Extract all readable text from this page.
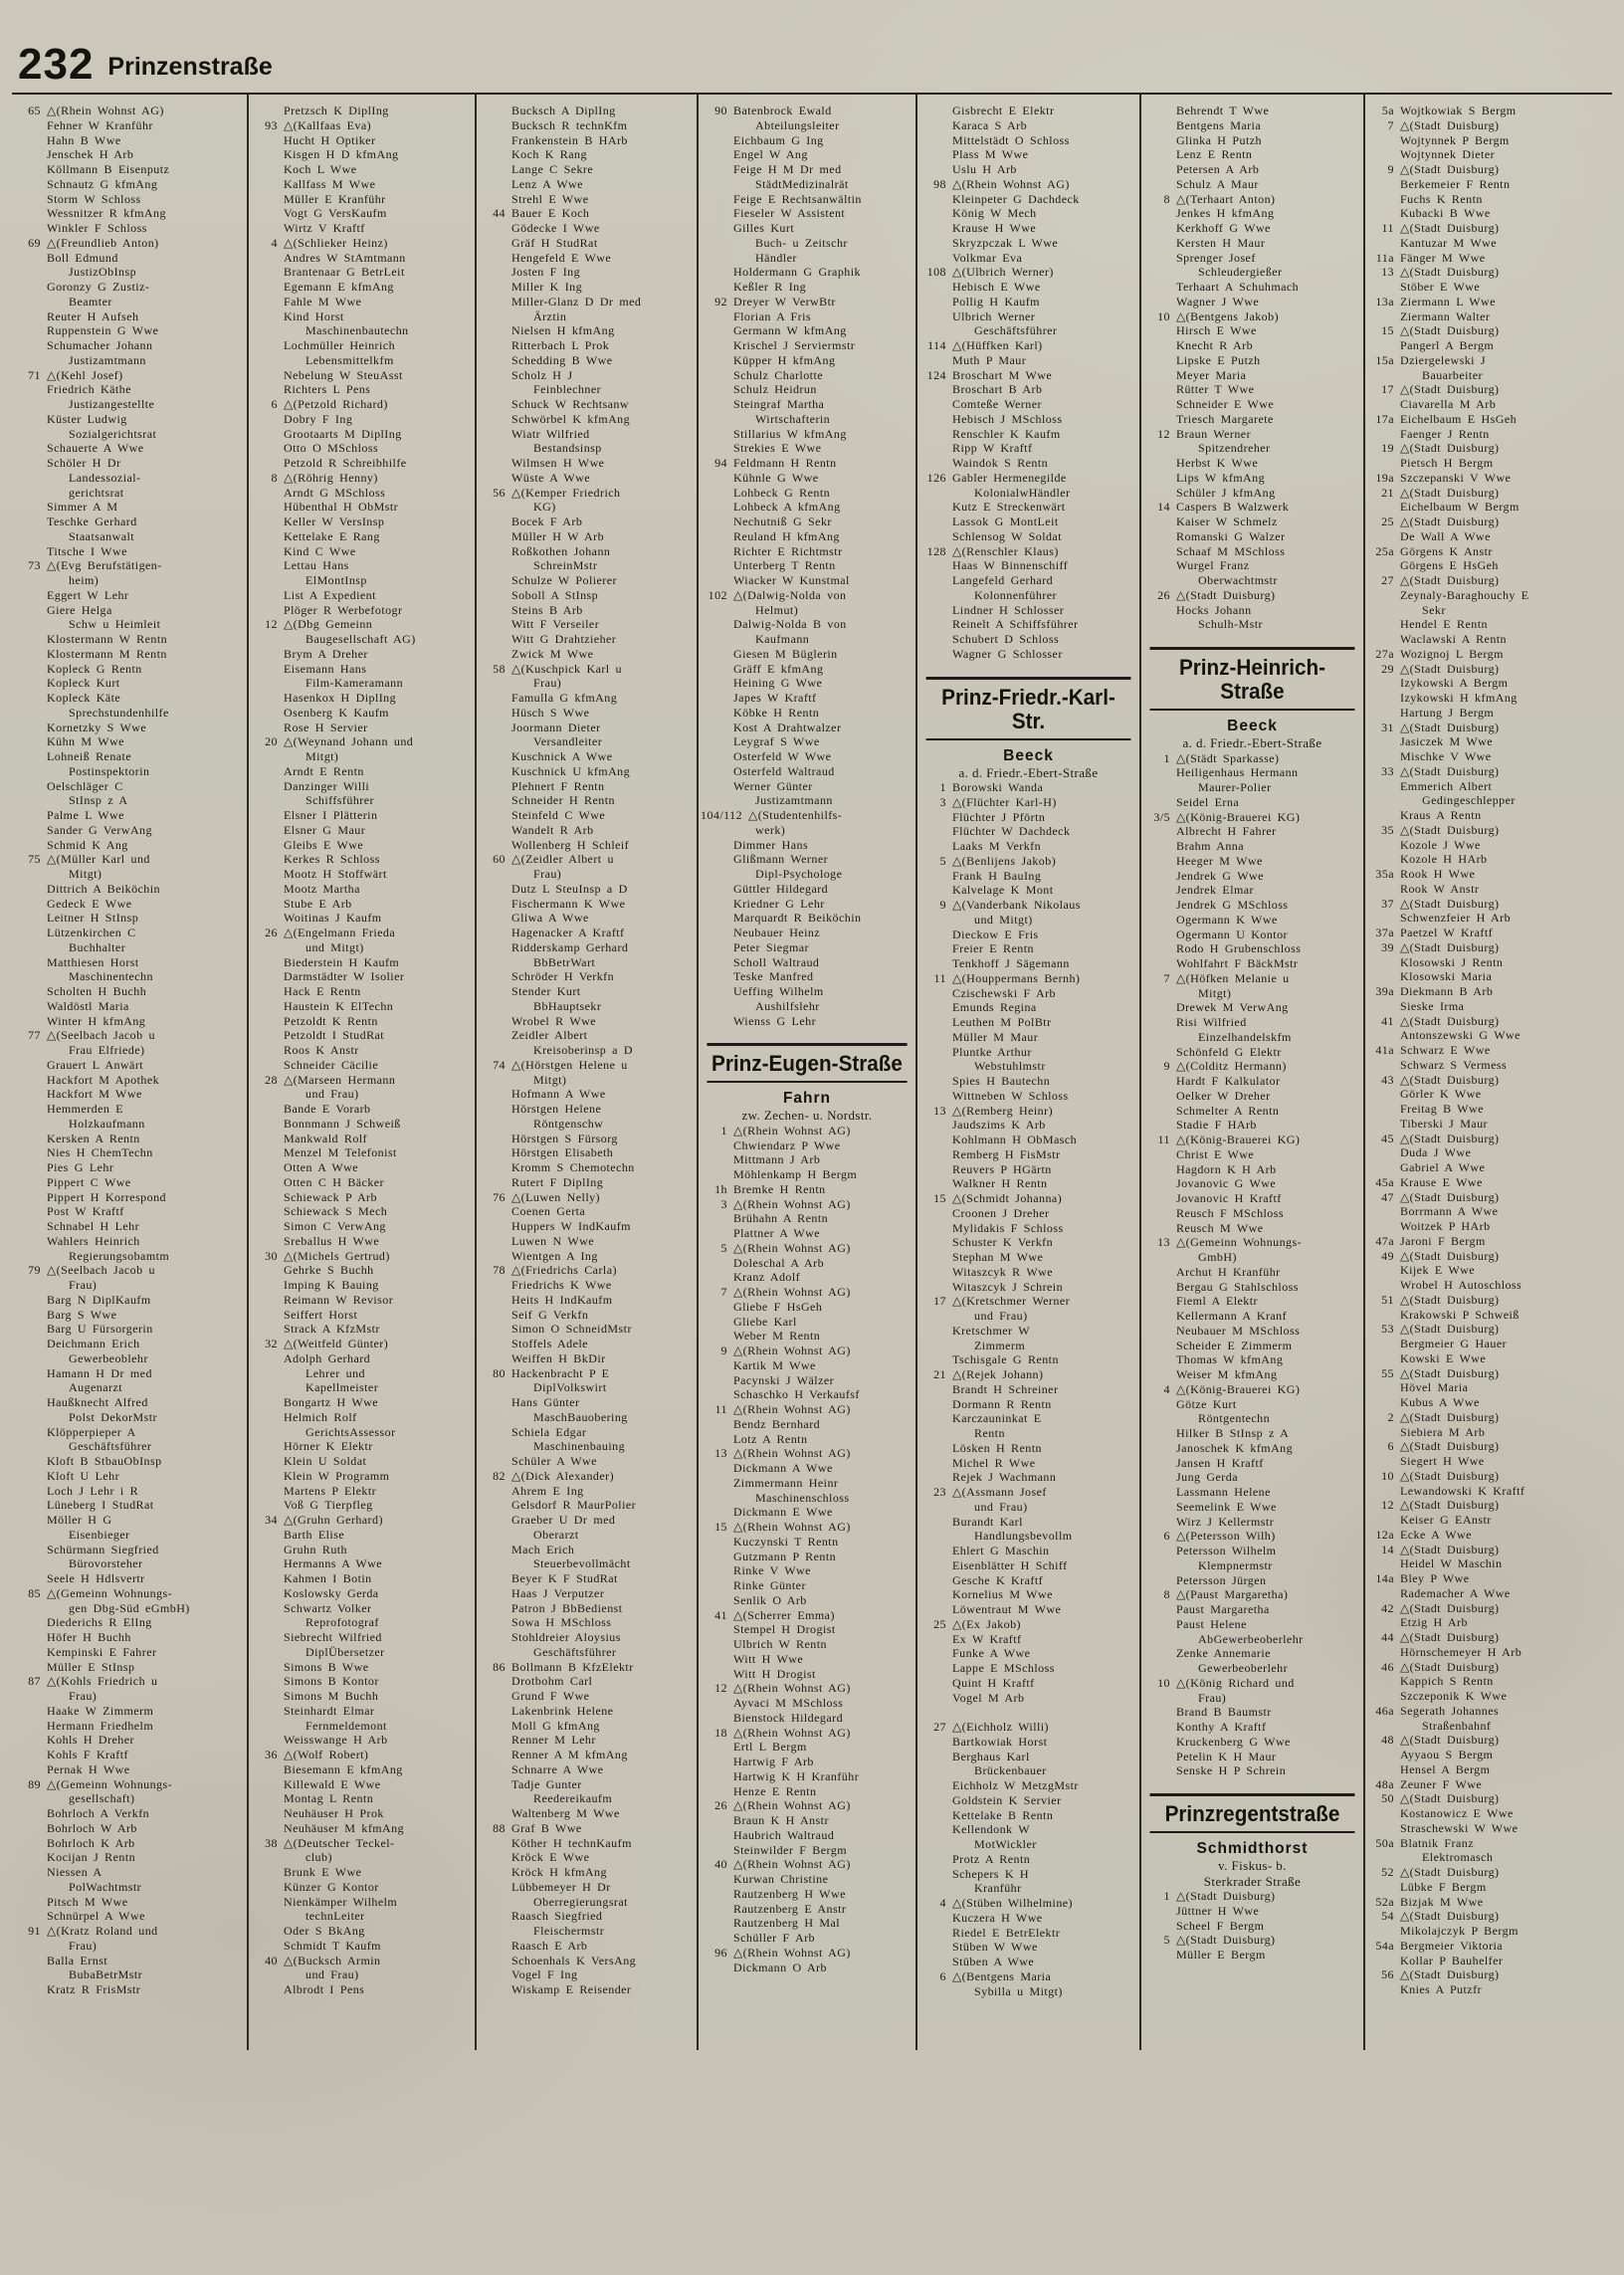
232 Prinzenstraße
65 △(Rhein Wohnst AG)
Fehner W Kranführ
Hahn B Wwe
Jenschek H Arb
Köllmann B Eisenputz
Schnautz G kfmAng
Storm W Schloss
Wessnitzer R kfmAng
Winkler F Schloss
69 △(Freundlieb Anton)
Boll Edmund
JustizObInsp
Goronzy G Zustiz-
Beamter
Reuter H Aufseh
Ruppenstein G Wwe
Schumacher Johann
Justizamtmann
71 △(Kehl Josef)
Friedrich Käthe
Justizangestellte
Küster Ludwig
Sozialgerichtsrat
Schauerte A Wwe
Schöler H Dr
Landessozial-
gerichtsrat
Simmer A M
Teschke Gerhard
Staatsanwalt
Titsche I Wwe
73 △(Evg Berufstätigen-
heim)
Eggert W Lehr
Giere Helga
Schw u Heimleit
Klostermann W Rentn
Klostermann M Rentn
Kopleck G Rentn
Kopleck Kurt
Kopleck Käte
Sprechstundenhilfe
Kornetzky S Wwe
Kühn M Wwe
Lohneiß Renate
Postinspektorin
Oelschläger C
StInsp z A
Palme L Wwe
Sander G VerwAng
Schmid K Ang
75 △(Müller Karl und
Mitgt)
Dittrich A Beiköchin
Gedeck E Wwe
Leitner H StInsp
Lützenkirchen C
Buchhalter
Matthiesen Horst
Maschinentechn
Scholten H Buchh
Waldöstl Maria
Winter H kfmAng
77 △(Seelbach Jacob u
Frau Elfriede)
Grauert L Anwärt
Hackfort M Apothek
Hackfort M Wwe
Hemmerden E
Holzkaufmann
Kersken A Rentn
Nies H ChemTechn
Pies G Lehr
Pippert C Wwe
Pippert H Korrespond
Post W Kraftf
Schnabel H Lehr
Wahlers Heinrich
Regierungsobamtm
79 △(Seelbach Jacob u
Frau)
Barg N DiplKaufm
Barg S Wwe
Barg U Fürsorgerin
Deichmann Erich
Gewerbeoblehr
Hamann H Dr med
Augenarzt
Haußknecht Alfred
Polst DekorMstr
Klöpperpieper A
Geschäftsführer
Kloft B StbauObInsp
Kloft U Lehr
Loch J Lehr i R
Lüneberg I StudRat
Möller H G
Eisenbieger
Schürmann Siegfried
Bürovorsteher
Seele H Hdlsvertr
85 △(Gemeinn Wohnungs-
gen Dbg-Süd eGmbH)
Diederichs R ElIng
Höfer H Buchh
Kempinski E Fahrer
Müller E StInsp
87 △(Kohls Friedrich u
Frau)
Haake W Zimmerm
Hermann Friedhelm
Kohls H Dreher
Kohls F Kraftf
Pernak H Wwe
89 △(Gemeinn Wohnungs-
gesellschaft)
Bohrloch A Verkfn
Bohrloch W Arb
Bohrloch K Arb
Kocijan J Rentn
Niessen A
PolWachtmstr
Pitsch M Wwe
Schnürpel A Wwe
91 △(Kratz Roland und
Frau)
Balla Ernst
BubaBetrMstr
Kratz R FrisMstr
Pretzsch K DiplIng
93 △(Kallfaas Eva)
Hucht H Optiker
Kisgen H D kfmAng
Koch L Wwe
Kallfass M Wwe
Müller E Kranführ
Vogt G VersKaufm
Wirtz V Kraftf
4 △(Schlieker Heinz)
Andres W StAmtmann
Brantenaar G BetrLeit
Egemann E kfmAng
Fahle M Wwe
Kind Horst
Maschinenbautechn
Lochmüller Heinrich
Lebensmittelkfm
Nebelung W SteuAsst
Richters L Pens
6 △(Petzold Richard)
Dobry F Ing
Grootaarts M DiplIng
Otto O MSchloss
Petzold R Schreibhilfe
8 △(Röhrig Henny)
Arndt G MSchloss
Hübenthal H ObMstr
Keller W VersInsp
Kettelake E Rang
Kind C Wwe
Lettau Hans
ElMontInsp
List A Expedient
Plöger R Werbefotogr
12 △(Dbg Gemeinn
Baugesellschaft AG)
Brym A Dreher
Eisemann Hans
Film-Kameramann
Hasenkox H DiplIng
Osenberg K Kaufm
Rose H Servier
20 △(Weynand Johann und
Mitgt)
Arndt E Rentn
Danzinger Willi
Schiffsführer
Elsner I Plätterin
Elsner G Maur
Gleibs E Wwe
Kerkes R Schloss
Mootz H Stoffwärt
Mootz Martha
Stube E Arb
Woitinas J Kaufm
26 △(Engelmann Frieda
und Mitgt)
Biederstein H Kaufm
Darmstädter W Isolier
Hack E Rentn
Haustein K ElTechn
Petzoldt K Rentn
Petzoldt I StudRat
Roos K Anstr
Schneider Cäcilie
28 △(Marseen Hermann
und Frau)
Bande E Vorarb
Bonnmann J Schweiß
Mankwald Rolf
Menzel M Telefonist
Otten A Wwe
Otten C H Bäcker
Schiewack P Arb
Schiewack S Mech
Simon C VerwAng
Sreballus H Wwe
30 △(Michels Gertrud)
Gehrke S Buchh
Imping K Bauing
Reimann W Revisor
Seiffert Horst
Strack A KfzMstr
32 △(Weitfeld Günter)
Adolph Gerhard
Lehrer und
Kapellmeister
Bongartz H Wwe
Helmich Rolf
GerichtsAssessor
Hörner K Elektr
Klein U Soldat
Klein W Programm
Martens P Elektr
Voß G Tierpfleg
34 △(Gruhn Gerhard)
Barth Elise
Gruhn Ruth
Hermanns A Wwe
Kahmen I Botin
Koslowsky Gerda
Schwartz Volker
Reprofotograf
Siebrecht Wilfried
DiplÜbersetzer
Simons B Wwe
Simons B Kontor
Simons M Buchh
Steinhardt Elmar
Fernmeldemont
Weisswange H Arb
36 △(Wolf Robert)
Biesemann E kfmAng
Killewald E Wwe
Montag L Rentn
Neuhäuser H Prok
Neuhäuser M kfmAng
38 △(Deutscher Teckel-
club)
Brunk E Wwe
Künzer G Kontor
Nienkämper Wilhelm
technLeiter
Oder S BkAng
Schmidt T Kaufm
40 △(Bucksch Armin
und Frau)
Albrodt I Pens
Bucksch A DiplIng
Bucksch R technKfm
Frankenstein B HArb
Koch K Rang
Lange C Sekre
Lenz A Wwe
Strehl E Wwe
44 Bauer E Koch
Gödecke I Wwe
Gräf H StudRat
Hengefeld E Wwe
Josten F Ing
Miller K Ing
Miller-Glanz D Dr med
Ärztin
Nielsen H kfmAng
Ritterbach L Prok
Schedding B Wwe
Scholz H J
Feinblechner
Schuck W Rechtsanw
Schwörbel K kfmAng
Wiatr Wilfried
Bestandsinsp
Wilmsen H Wwe
Wüste A Wwe
56 △(Kemper Friedrich
KG)
Bocek F Arb
Müller H W Arb
Roßkothen Johann
SchreinMstr
Schulze W Polierer
Soboll A StInsp
Steins B Arb
Witt F Verseiler
Witt G Drahtzieher
Zwick M Wwe
58 △(Kuschpick Karl u
Frau)
Famulla G kfmAng
Hüsch S Wwe
Joormann Dieter
Versandleiter
Kuschnick A Wwe
Kuschnick U kfmAng
Plehnert F Rentn
Schneider H Rentn
Steinfeld C Wwe
Wandelt R Arb
Wollenberg H Schleif
60 △(Zeidler Albert u
Frau)
Dutz L SteuInsp a D
Fischermann K Wwe
Gliwa A Wwe
Hagenacker A Kraftf
Ridderskamp Gerhard
BbBetrWart
Schröder H Verkfn
Stender Kurt
BbHauptsekr
Wrobel R Wwe
Zeidler Albert
Kreisoberinsp a D
74 △(Hörstgen Helene u
Mitgt)
Hofmann A Wwe
Hörstgen Helene
Röntgenschw
Hörstgen S Fürsorg
Hörstgen Elisabeth
Kromm S Chemotechn
Rutert F DiplIng
76 △(Luwen Nelly)
Coenen Gerta
Huppers W IndKaufm
Luwen N Wwe
Wientgen A Ing
78 △(Friedrichs Carla)
Friedrichs K Wwe
Heits H IndKaufm
Seif G Verkfn
Simon O SchneidMstr
Stoffels Adele
Weiffen H BkDir
80 Hackenbracht P E
DiplVolkswirt
Hans Günter
MaschBauobering
Schiela Edgar
Maschinenbauing
Schüler A Wwe
82 △(Dick Alexander)
Ahrem E Ing
Gelsdorf R MaurPolier
Graeber U Dr med
Oberarzt
Mach Erich
Steuerbevollmächt
Beyer K F StudRat
Haas J Verputzer
Patron J BbBedienst
Sowa H MSchloss
Stohldreier Aloysius
Geschäftsführer
86 Bollmann B KfzElektr
Drotbohm Carl
Grund F Wwe
Lakenbrink Helene
Moll G kfmAng
Renner M Lehr
Renner A M kfmAng
Schnarre A Wwe
Tadje Gunter
Reedereikaufm
Waltenberg M Wwe
88 Graf B Wwe
Köther H technKaufm
Kröck E Wwe
Kröck H kfmAng
Lübbemeyer H Dr
Oberregierungsrat
Raasch Siegfried
Fleischermstr
Raasch E Arb
Schoenhals K VersAng
Vogel F Ing
Wiskamp E Reisender
90 Batenbrock Ewald
Abteilungsleiter
Eichbaum G Ing
Engel W Ang
Feige H M Dr med
StädtMedizinalrät
Feige E Rechtsanwältin
Fieseler W Assistent
Gilles Kurt
Buch- u Zeitschr
Händler
Holdermann G Graphik
Keßler R Ing
92 Dreyer W VerwBtr
Florian A Fris
Germann W kfmAng
Krischel J Serviermstr
Küpper H kfmAng
Schulz Charlotte
Schulz Heidrun
Steingraf Martha
Wirtschafterin
Stillarius W kfmAng
Strekies E Wwe
94 Feldmann H Rentn
Kühnle G Wwe
Lohbeck G Rentn
Lohbeck A kfmAng
Nechutniß G Sekr
Reuland H kfmAng
Richter E Richtmstr
Unterberg T Rentn
Wiacker W Kunstmal
102 △(Dalwig-Nolda von
Helmut)
Dalwig-Nolda B von
Kaufmann
Giesen M Büglerin
Gräff E kfmAng
Heining G Wwe
Japes W Kraftf
Köbke H Rentn
Kost A Drahtwalzer
Leygraf S Wwe
Osterfeld W Wwe
Osterfeld Waltraud
Werner Günter
Justizamtmann
104/112 △(Studentenhilfs-
werk)
Dimmer Hans
Glißmann Werner
Dipl-Psychologe
Güttler Hildegard
Kriedner G Lehr
Marquardt R Beiköchin
Neubauer Heinz
Peter Siegmar
Scholl Waltraud
Teske Manfred
Ueffing Wilhelm
Aushilfslehr
Wienss G Lehr
Prinz-Eugen-Straße
Fahrn
zw. Zechen- u. Nordstr.
1 △(Rhein Wohnst AG)
Chwiendarz P Wwe
Mittmann J Arb
Möhlenkamp H Bergm
1h Bremke H Rentn
3 △(Rhein Wohnst AG)
Brühahn A Rentn
Plattner A Wwe
5 △(Rhein Wohnst AG)
Doleschal A Arb
Kranz Adolf
7 △(Rhein Wohnst AG)
Gliebe F HsGeh
Gliebe Karl
Weber M Rentn
9 △(Rhein Wohnst AG)
Kartik M Wwe
Pacynski J Wälzer
Schaschko H Verkaufsf
11 △(Rhein Wohnst AG)
Bendz Bernhard
Lotz A Rentn
13 △(Rhein Wohnst AG)
Dickmann A Wwe
Zimmermann Heinr
Maschinenschloss
Dickmann E Wwe
15 △(Rhein Wohnst AG)
Kuczynski T Rentn
Gutzmann P Rentn
Rinke V Wwe
Rinke Günter
Senlik O Arb
41 △(Scherrer Emma)
Stempel H Drogist
Ulbrich W Rentn
Witt H Wwe
Witt H Drogist
12 △(Rhein Wohnst AG)
Ayvaci M MSchloss
Bienstock Hildegard
18 △(Rhein Wohnst AG)
Ertl L Bergm
Hartwig F Arb
Hartwig K H Kranführ
Henze E Rentn
26 △(Rhein Wohnst AG)
Braun K H Anstr
Haubrich Waltraud
Steinwilder F Bergm
40 △(Rhein Wohnst AG)
Kurwan Christine
Rautzenberg H Wwe
Rautzenberg E Anstr
Rautzenberg H Mal
Schüller F Arb
96 △(Rhein Wohnst AG)
Dickmann O Arb
Gisbrecht E Elektr
Karaca S Arb
Mittelstädt O Schloss
Plass M Wwe
Uslu H Arb
98 △(Rhein Wohnst AG)
Kleinpeter G Dachdeck
König W Mech
Krause H Wwe
Skryzpczak L Wwe
Volkmar Eva
108 △(Ulbrich Werner)
Hebisch E Wwe
Pollig H Kaufm
Ulbrich Werner
Geschäftsführer
114 △(Hüffken Karl)
Muth P Maur
124 Broschart M Wwe
Broschart B Arb
Comteße Werner
Hebisch J MSchloss
Renschler K Kaufm
Ripp W Kraftf
Waindok S Rentn
126 Gabler Hermenegilde
KolonialwHändler
Kutz E Streckenwärt
Lassok G MontLeit
Schlensog W Soldat
128 △(Renschler Klaus)
Haas W Binnenschiff
Langefeld Gerhard
Kolonnenführer
Lindner H Schlosser
Reinelt A Schiffsführer
Schubert D Schloss
Wagner G Schlosser
Prinz-Friedr.-Karl-Str.
Beeck
a. d. Friedr.-Ebert-Straße
1 Borowski Wanda
3 △(Flüchter Karl-H)
Flüchter J Pförtn
Flüchter W Dachdeck
Laaks M Verkfn
5 △(Benlijens Jakob)
Frank H BauIng
Kalvelage K Mont
9 △(Vanderbank Nikolaus
und Mitgt)
Dieckow E Fris
Freier E Rentn
Tenkhoff J Sägemann
11 △(Houppermans Bernh)
Czischewski F Arb
Emunds Regina
Leuthen M PolBtr
Müller M Maur
Pluntke Arthur
Webstuhlmstr
Spies H Bautechn
Wittneben W Schloss
13 △(Remberg Heinr)
Jaudszims K Arb
Kohlmann H ObMasch
Remberg H FisMstr
Reuvers P HGärtn
Walkner H Rentn
15 △(Schmidt Johanna)
Croonen J Dreher
Mylidakis F Schloss
Schuster K Verkfn
Stephan M Wwe
Witaszcyk R Wwe
Witaszcyk J Schrein
17 △(Kretschmer Werner
und Frau)
Kretschmer W
Zimmerm
Tschisgale G Rentn
21 △(Rejek Johann)
Brandt H Schreiner
Dormann R Rentn
Karczauninkat E
Rentn
Lösken H Rentn
Michel R Wwe
Rejek J Wachmann
23 △(Assmann Josef
und Frau)
Burandt Karl
Handlungsbevollm
Ehlert G Maschin
Eisenblätter H Schiff
Gesche K Kraftf
Kornelius M Wwe
Löwentraut M Wwe
25 △(Ex Jakob)
Ex W Kraftf
Funke A Wwe
Lappe E MSchloss
Quint H Kraftf
Vogel M Arb
27 △(Eichholz Willi)
Bartkowiak Horst
Berghaus Karl
Brückenbauer
Eichholz W MetzgMstr
Goldstein K Servier
Kettelake B Rentn
Kellendonk W
MotWickler
Protz A Rentn
Schepers K H
Kranführ
4 △(Stüben Wilhelmine)
Kuczera H Wwe
Riedel E BetrElektr
Stüben W Wwe
Stüben A Wwe
6 △(Bentgens Maria
Sybilla u Mitgt)
Behrendt T Wwe
Bentgens Maria
Glinka H Putzh
Lenz E Rentn
Petersen A Arb
Schulz A Maur
8 △(Terhaart Anton)
Jenkes H kfmAng
Kerkhoff G Wwe
Kersten H Maur
Sprenger Josef
Schleudergießer
Terhaart A Schuhmach
Wagner J Wwe
10 △(Bentgens Jakob)
Hirsch E Wwe
Knecht R Arb
Lipske E Putzh
Meyer Maria
Rütter T Wwe
Schneider E Wwe
Triesch Margarete
12 Braun Werner
Spitzendreher
Herbst K Wwe
Lips W kfmAng
Schüler J kfmAng
14 Caspers B Walzwerk
Kaiser W Schmelz
Romanski G Walzer
Schaaf M MSchloss
Wurgel Franz
Oberwachtmstr
26 △(Stadt Duisburg)
Hocks Johann
Schulh-Mstr
Prinz-Heinrich-Straße
Beeck
a. d. Friedr.-Ebert-Straße
1 △(Städt Sparkasse)
Heiligenhaus Hermann
Maurer-Polier
Seidel Erna
3/5 △(König-Brauerei KG)
Albrecht H Fahrer
Brahm Anna
Heeger M Wwe
Jendrek G Wwe
Jendrek Elmar
Jendrek G MSchloss
Ogermann K Wwe
Ogermann U Kontor
Rodo H Grubenschloss
Wohlfahrt F BäckMstr
7 △(Höfken Melanie u
Mitgt)
Drewek M VerwAng
Risi Wilfried
Einzelhandelskfm
Schönfeld G Elektr
9 △(Colditz Hermann)
Hardt F Kalkulator
Oelker W Dreher
Schmelter A Rentn
Stadie F HArb
11 △(König-Brauerei KG)
Christ E Wwe
Hagdorn K H Arb
Jovanovic G Wwe
Jovanovic H Kraftf
Reusch F MSchloss
Reusch M Wwe
13 △(Gemeinn Wohnungs-
GmbH)
Archut H Kranführ
Bergau G Stahlschloss
Fieml A Elektr
Kellermann A Kranf
Neubauer M MSchloss
Scheider E Zimmerm
Thomas W kfmAng
Weiser M kfmAng
4 △(König-Brauerei KG)
Götze Kurt
Röntgentechn
Hilker B StInsp z A
Janoschek K kfmAng
Jansen H Kraftf
Jung Gerda
Lassmann Helene
Seemelink E Wwe
Wirz J Kellermstr
6 △(Petersson Wilh)
Petersson Wilhelm
Klempnermstr
Petersson Jürgen
8 △(Paust Margaretha)
Paust Margaretha
Paust Helene
AbGewerbeoberlehr
Zenke Annemarie
Gewerbeoberlehr
10 △(König Richard und
Frau)
Brand B Baumstr
Konthy A Kraftf
Kruckenberg G Wwe
Petelin K H Maur
Senske H P Schrein
Prinzregentstraße
Schmidthorst
v. Fiskus- b.
Sterkrader Straße
1 △(Stadt Duisburg)
Jüttner H Wwe
Scheel F Bergm
5 △(Stadt Duisburg)
Müller E Bergm
5a Wojtkowiak S Bergm
7 △(Stadt Duisburg)
Wojtynnek P Bergm
Wojtynnek Dieter
9 △(Stadt Duisburg)
Berkemeier F Rentn
Fuchs K Rentn
Kubacki B Wwe
11 △(Stadt Duisburg)
Kantuzar M Wwe
11a Fänger M Wwe
13 △(Stadt Duisburg)
Stöber E Wwe
13a Ziermann L Wwe
Ziermann Walter
15 △(Stadt Duisburg)
Pangerl A Bergm
15a Dziergelewski J
Bauarbeiter
17 △(Stadt Duisburg)
Ciavarella M Arb
17a Eichelbaum E HsGeh
Faenger J Rentn
19 △(Stadt Duisburg)
Pietsch H Bergm
19a Szczepanski V Wwe
21 △(Stadt Duisburg)
Eichelbaum W Bergm
25 △(Stadt Duisburg)
De Wall A Wwe
25a Görgens K Anstr
Görgens E HsGeh
27 △(Stadt Duisburg)
Zeynaly-Baraghouchy E
Sekr
Hendel E Rentn
Waclawski A Rentn
27a Wozignoj L Bergm
29 △(Stadt Duisburg)
Izykowski A Bergm
Izykowski H kfmAng
Hartung J Bergm
31 △(Stadt Duisburg)
Jasiczek M Wwe
Mischke V Wwe
33 △(Stadt Duisburg)
Emmerich Albert
Gedingeschlepper
Kraus A Rentn
35 △(Stadt Duisburg)
Kozole J Wwe
Kozole H HArb
35a Rook H Wwe
Rook W Anstr
37 △(Stadt Duisburg)
Schwenzfeier H Arb
37a Paetzel W Kraftf
39 △(Stadt Duisburg)
Klosowski J Rentn
Klosowski Maria
39a Diekmann B Arb
Sieske Irma
41 △(Stadt Duisburg)
Antonszewski G Wwe
41a Schwarz E Wwe
Schwarz S Vermess
43 △(Stadt Duisburg)
Görler K Wwe
Freitag B Wwe
Tiberski J Maur
45 △(Stadt Duisburg)
Duda J Wwe
Gabriel A Wwe
45a Krause E Wwe
47 △(Stadt Duisburg)
Borrmann A Wwe
Woitzek P HArb
47a Jaroni F Bergm
49 △(Stadt Duisburg)
Kijek E Wwe
Wrobel H Autoschloss
51 △(Stadt Duisburg)
Krakowski P Schweiß
53 △(Stadt Duisburg)
Bergmeier G Hauer
Kowski E Wwe
55 △(Stadt Duisburg)
Hövel Maria
Kubus A Wwe
2 △(Stadt Duisburg)
Siebiera M Arb
6 △(Stadt Duisburg)
Siegert H Wwe
10 △(Stadt Duisburg)
Lewandowski K Kraftf
12 △(Stadt Duisburg)
Keiser G EAnstr
12a Ecke A Wwe
14 △(Stadt Duisburg)
Heidel W Maschin
14a Bley P Wwe
Rademacher A Wwe
42 △(Stadt Duisburg)
Etzig H Arb
44 △(Stadt Duisburg)
Hörnschemeyer H Arb
46 △(Stadt Duisburg)
Kappich S Rentn
Szczeponik K Wwe
46a Segerath Johannes
Straßenbahnf
48 △(Stadt Duisburg)
Ayyaou S Bergm
Hensel A Bergm
48a Zeuner F Wwe
50 △(Stadt Duisburg)
Kostanowicz E Wwe
Straschewski W Wwe
50a Blatnik Franz
Elektromasch
52 △(Stadt Duisburg)
Lübke F Bergm
52a Bizjak M Wwe
54 △(Stadt Duisburg)
Mikolajczyk P Bergm
54a Bergmeier Viktoria
Kollar P Bauhelfer
56 △(Stadt Duisburg)
Knies A Putzfr
